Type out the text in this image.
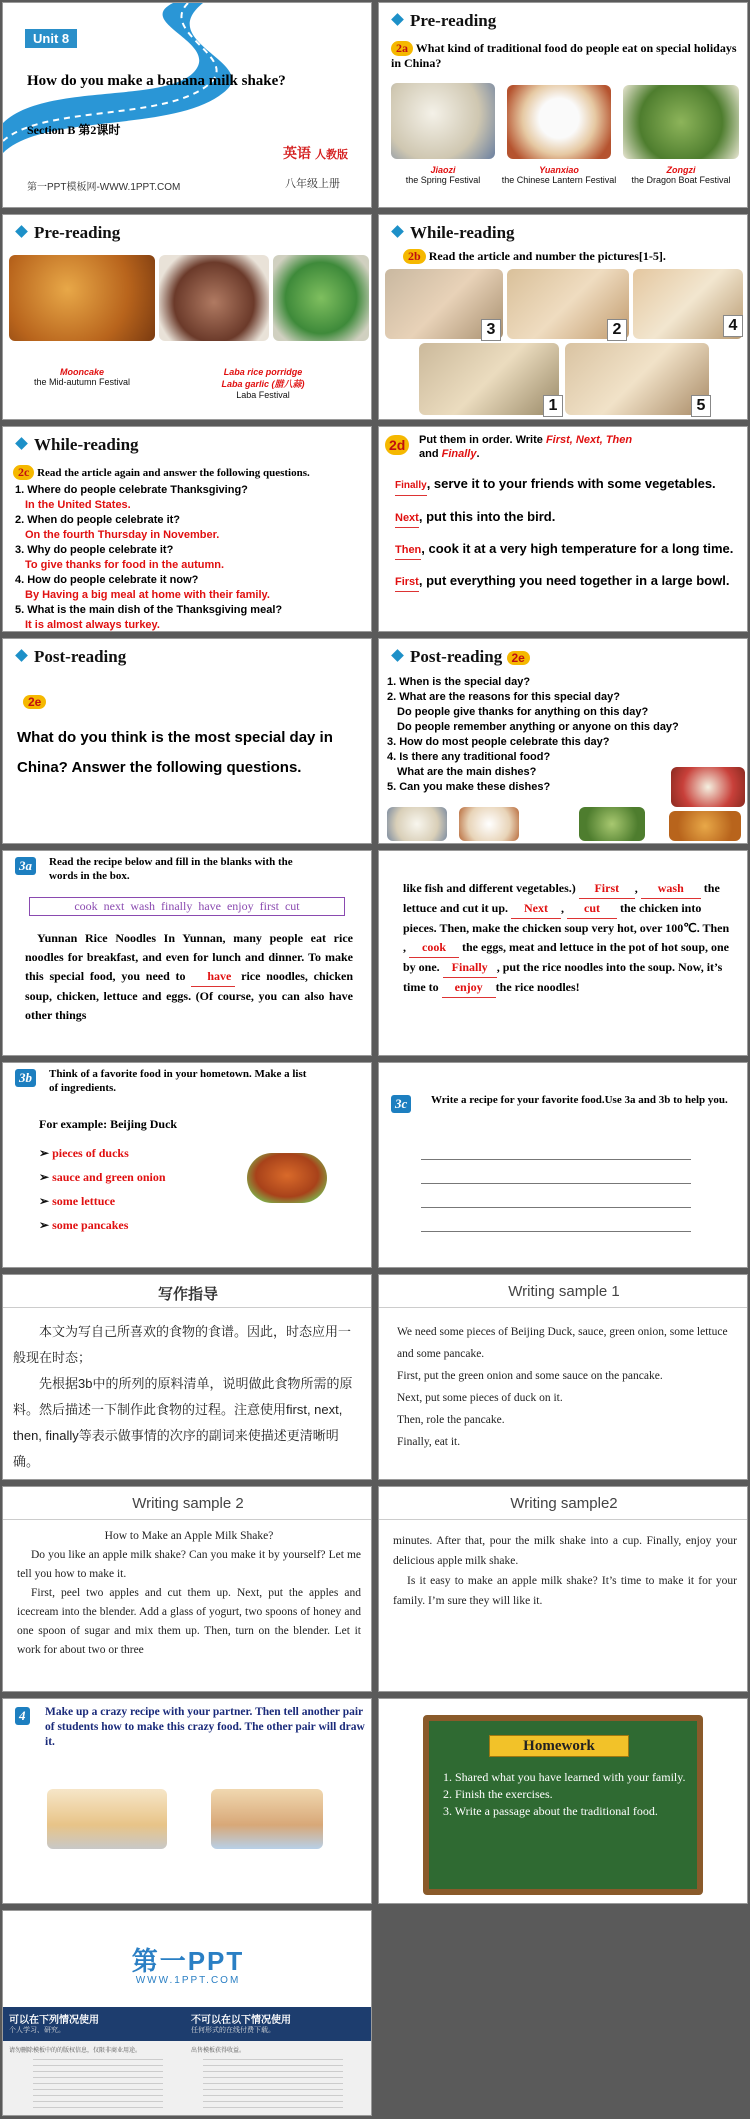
Unit 8
How do you make a banana milk shake?
Section B 第2课时
英语 人教版
第一PPT模板网-WWW.1PPT.COM	八年级上册
Pre-reading
2a What kind of traditional food do people eat on special holidays in China?
Jiaozi
the Spring Festival
Yuanxiao
the Chinese Lantern Festival
Zongzi
the Dragon Boat Festival
Pre-reading
Mooncake
the Mid-autumn Festival
Laba rice porridge
Laba garlic (腊八蒜)
Laba Festival
While-reading
2b Read the article and number the pictures[1-5].
3	2	4
1	5
While-reading
2c Read the article again and answer the following questions.
1. Where do people celebrate Thanksgiving?
In the United States.
2. When do people celebrate it?
On the fourth Thursday in November.
3. Why do people celebrate it?
To give thanks for food in the autumn.
4. How do people celebrate it now?
By Having a big meal at home with their family.
5. What is the main dish of the Thanksgiving meal?
It is almost always turkey.
2d	Put them in order. Write First, Next, Then
and Finally.
Finally, serve it to your friends with some vegetables.
Next, put this into the bird.
Then, cook it at a very high temperature for a long time.
First, put everything you need together in a large bowl.
Post-reading
2e
What do you think is the most special day in China? Answer the following questions.
Post-reading 2e
1. When is the special day?
2. What are the reasons for this special day?
Do people give thanks for anything on this day?
Do people remember anything or anyone on this day?
3. How do most people celebrate this day?
4. Is there any traditional food?
What are the main dishes?
5. Can you make these dishes?
3a	Read the recipe below and fill in the blanks with the words in the box.
cook  next  wash  finally  have  enjoy  first  cut
Yunnan Rice Noodles In Yunnan, many people eat rice noodles for breakfast, and even for lunch and dinner. To make this special food, you need to have rice noodles, chicken soup, chicken, lettuce and eggs. (Of course, you can also have other things
like fish and different vegetables.) First , wash the lettuce and cut it up. Next , cut the chicken into pieces. Then, make the chicken soup very hot, over 100℃. Then , cook the eggs, meat and lettuce in the pot of hot soup, one by one. Finally , put the rice noodles into the soup. Now, it’s time to enjoy the rice noodles!
3b	Think of a favorite food in your hometown. Make a list of ingredients.
For example: Beijing Duck
➢ pieces of ducks
➢ sauce and green onion
➢ some lettuce
➢ some pancakes
3c	Write a recipe for your favorite food.Use 3a and 3b to help you.
写作指导
本文为写自己所喜欢的食物的食谱。因此，时态应用一般现在时态；
先根据3b中的所列的原料清单，说明做此食物所需的原料。然后描述一下制作此食物的过程。注意使用first, next, then, finally等表示做事情的次序的副词来使描述更清晰明确。
Writing sample 1
We need some pieces of Beijing Duck, sauce, green onion, some lettuce and some pancake.
First, put the green onion and some sauce on the pancake.
Next, put some pieces of duck on it.
Then, role the pancake.
Finally, eat it.
Writing sample 2
How to Make an Apple Milk Shake?
Do you like an apple milk shake? Can you make it by yourself? Let me tell you how to make it.
First, peel two apples and cut them up. Next, put the apples and icecream into the blender. Add a glass of yogurt, two spoons of honey and one spoon of sugar and mix them up. Then, turn on the blender. Let it work for about two or three
Writing sample2
minutes. After that, pour the milk shake into a cup. Finally, enjoy your delicious apple milk shake.
Is it easy to make an apple milk shake? It’s time to make it for your family. I’m sure they will like it.
4	Make up a crazy recipe with your partner. Then tell another pair of students how to make this crazy food. The other pair will draw it.	Homework
1. Shared what you have learned with your family.
2. Finish the exercises.
3. Write a passage about the traditional food.
第一PPT
WWW.1PPT.COM
可以在下列情况使用
个人学习、研究。
不可以在以下情况使用
任何形式的在线付费下载。
请勿删除模板中的的版权信息，仅限非商业用途。	出售模板获得收益。
